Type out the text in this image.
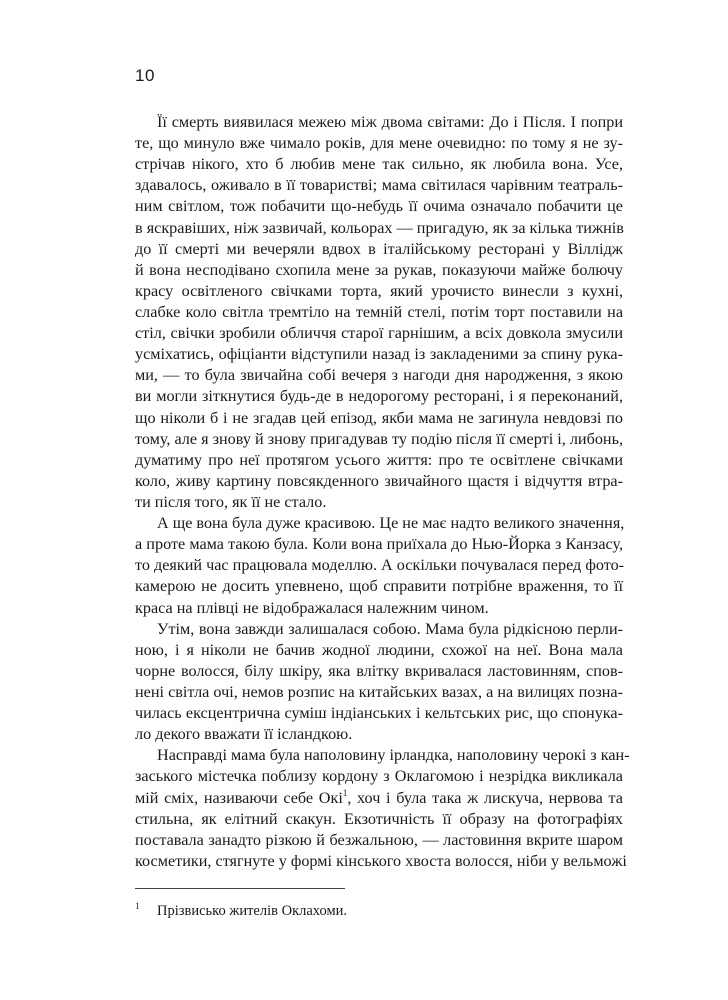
10
1 Прізвисько жителів Оклахоми.
Її смерть виявилася межею між двома світами: До і Після. І попри
те, що минуло вже чимало років, для мене очевидно: по тому я не зу-
стрічав нікого, хто б любив мене так сильно, як любила вона. Усе,
здавалось, оживало в її товаристві; мама світилася чарівним театраль-
ним світлом, тож побачити що-небудь її очима означало побачити це
в яскравіших, ніж зазвичай, кольорах — пригадую, як за кілька тижнів
до її смерті ми вечеряли вдвох в італійському ресторані у Віллідж
й вона несподівано схопила мене за рукав, показуючи майже болючу
красу освітленого свічками торта, який урочисто винесли з кухні,
слабке коло світла тремтіло на темній стелі, потім торт поставили на
стіл, свічки зробили обличчя старої гарнішим, а всіх довкола змусили
усміхатись, офіціанти відступили назад із закладеними за спину рука-
ми, — то була звичайна собі вечеря з нагоди дня народження, з якою
ви могли зіткнутися будь-де в недорогому ресторані, і я переконаний,
що ніколи б і не згадав цей епізод, якби мама не загинула невдовзі по
тому, але я знову й знову пригадував ту подію після її смерті і, либонь,
думатиму про неї протягом усього життя: про те освітлене свічками
коло, живу картину повсякденного звичайного щастя і відчуття втра-
ти після того, як її не стало.
А ще вона була дуже красивою. Це не має надто великого значення,
а проте мама такою була. Коли вона приїхала до Нью-Йорка з Канзасу,
то деякий час працювала моделлю. А оскільки почувалася перед фото-
камерою не досить упевнено, щоб справити потрібне враження, то її
краса на плівці не відображалася належним чином.
Утім, вона завжди залишалася собою. Мама була рідкісною перли-
ною, і я ніколи не бачив жодної людини, схожої на неї. Вона мала
чорне волосся, білу шкіру, яка влітку вкривалася ластовинням, спов-
нені світла очі, немов розпис на китайських вазах, а на вилицях позна-
чилась ексцентрична суміш індіанських і кельтських рис, що спонука-
ло декого вважати її ісландкою.
Насправді мама була наполовину ірландка, наполовину черокі з кан-
заського містечка поблизу кордону з Оклагомою і незрідка викликала
мій сміх, називаючи себе Окі$^1$, хоч і була така ж лискуча, нервова та
стильна, як елітний скакун. Екзотичність її образу на фотографіях
поставала занадто різкою й безжальною, — ластовиння вкрите шаром
косметики, стягнуте у формі кінського хвоста волосся, ніби у вельможі
